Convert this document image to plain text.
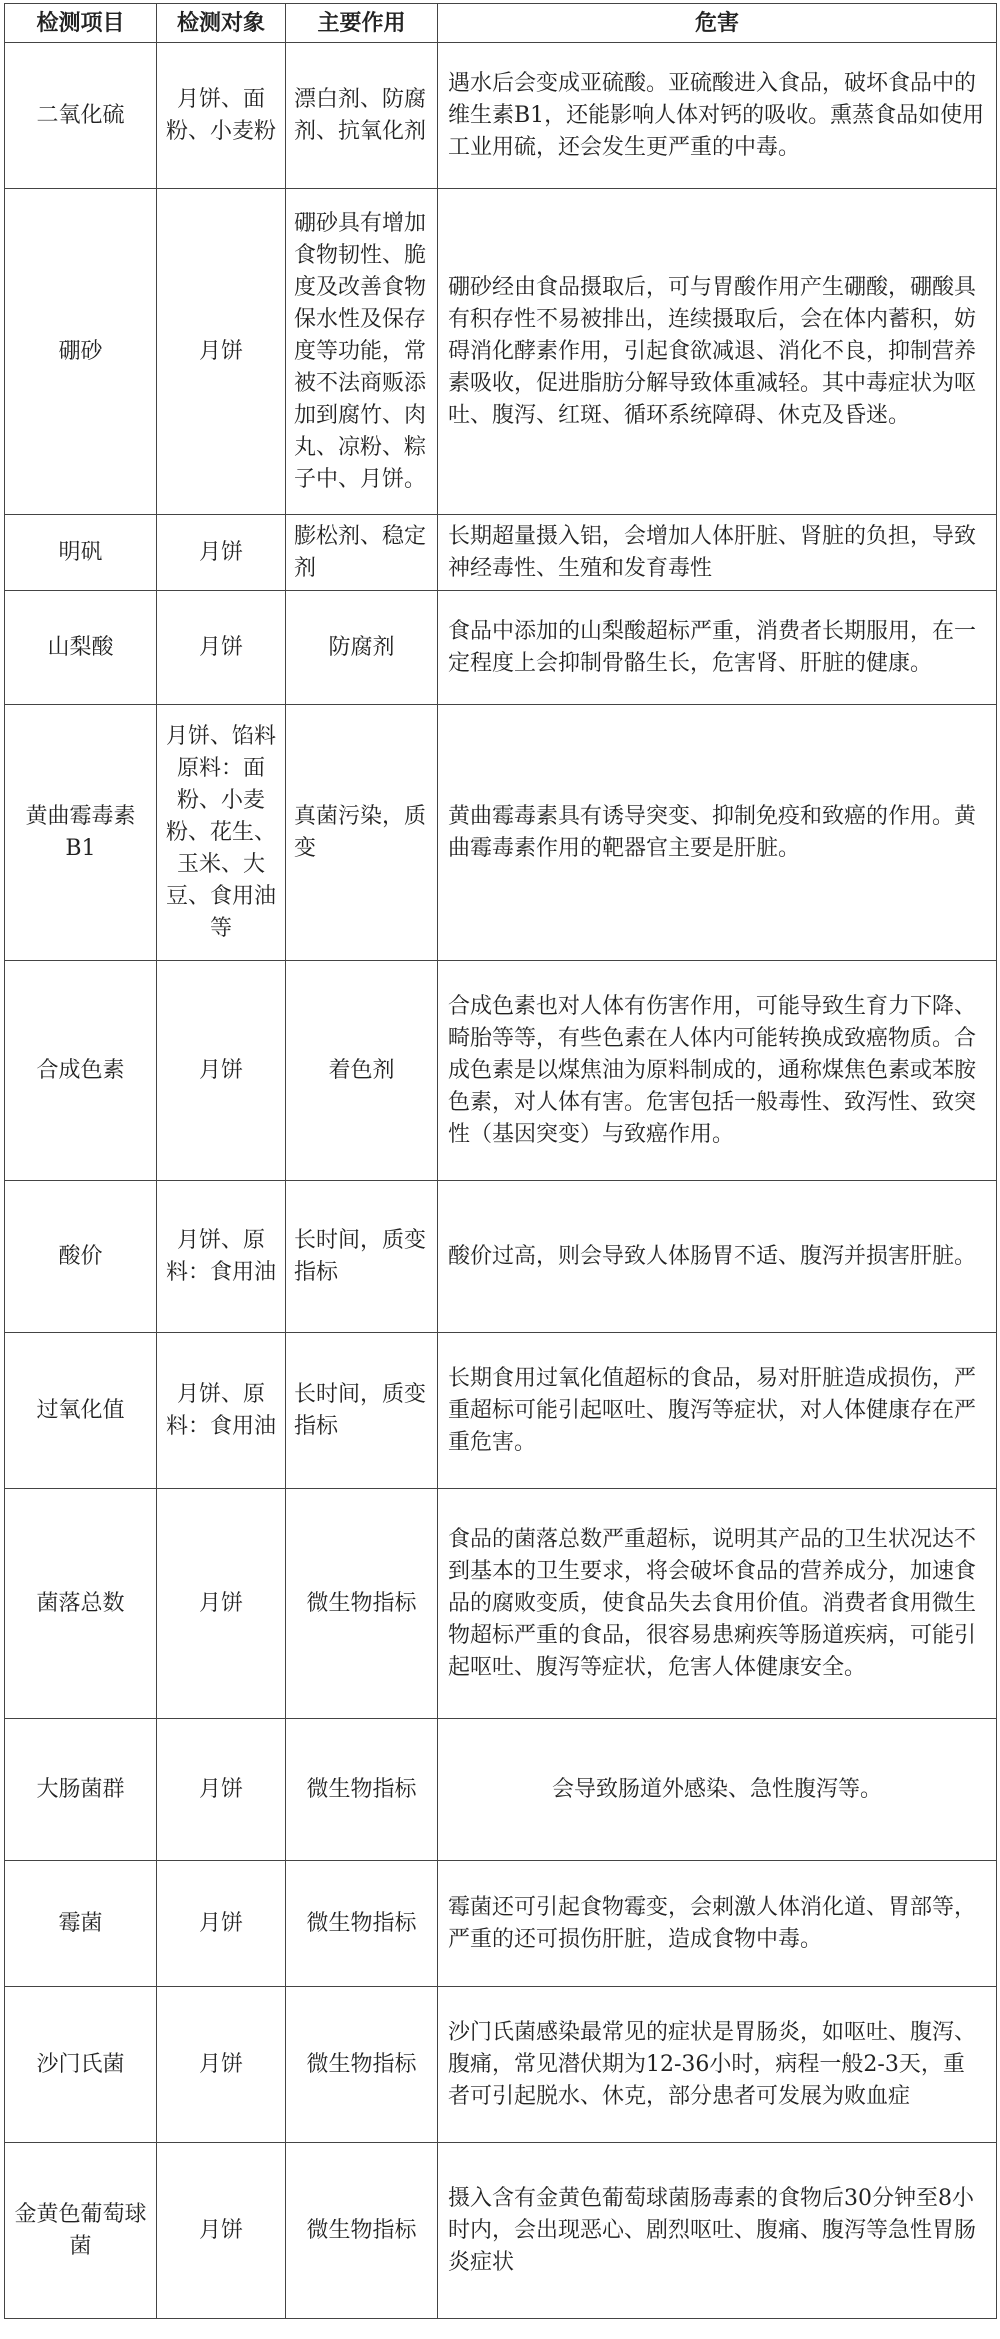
检测项目	检测对象	主要作用	危害
二氧化硫	月饼、面粉、小麦粉	漂白剂、防腐剂、抗氧化剂	遇水后会变成亚硫酸。亚硫酸进入食品，破坏食品中的维生素B1，还能影响人体对钙的吸收。熏蒸食品如使用工业用硫，还会发生更严重的中毒。
硼砂	月饼	硼砂具有增加食物韧性、脆度及改善食物保水性及保存度等功能，常被不法商贩添加到腐竹、肉丸、凉粉、粽子中、月饼。	硼砂经由食品摄取后，可与胃酸作用产生硼酸，硼酸具有积存性不易被排出，连续摄取后，会在体内蓄积，妨碍消化酵素作用，引起食欲减退、消化不良，抑制营养素吸收，促进脂肪分解导致体重减轻。其中毒症状为呕吐、腹泻、红斑、循环系统障碍、休克及昏迷。
明矾	月饼	膨松剂、稳定剂	长期超量摄入铝，会增加人体肝脏、肾脏的负担，导致神经毒性、生殖和发育毒性
山梨酸	月饼	防腐剂	食品中添加的山梨酸超标严重，消费者长期服用，在一定程度上会抑制骨骼生长，危害肾、肝脏的健康。
黄曲霉毒素B1	月饼、馅料原料：面粉、小麦粉、花生、玉米、大豆、食用油等	真菌污染，质变	黄曲霉毒素具有诱导突变、抑制免疫和致癌的作用。黄曲霉毒素作用的靶器官主要是肝脏。
合成色素	月饼	着色剂	合成色素也对人体有伤害作用，可能导致生育力下降、畸胎等等，有些色素在人体内可能转换成致癌物质。合成色素是以煤焦油为原料制成的，通称煤焦色素或苯胺色素，对人体有害。危害包括一般毒性、致泻性、致突性（基因突变）与致癌作用。
酸价	月饼、原料：食用油	长时间，质变指标	酸价过高，则会导致人体肠胃不适、腹泻并损害肝脏。
过氧化值	月饼、原料：食用油	长时间，质变指标	长期食用过氧化值超标的食品，易对肝脏造成损伤，严重超标可能引起呕吐、腹泻等症状，对人体健康存在严重危害。
菌落总数	月饼	微生物指标	食品的菌落总数严重超标，说明其产品的卫生状况达不到基本的卫生要求，将会破坏食品的营养成分，加速食品的腐败变质，使食品失去食用价值。消费者食用微生物超标严重的食品，很容易患痢疾等肠道疾病，可能引起呕吐、腹泻等症状，危害人体健康安全。
大肠菌群	月饼	微生物指标	会导致肠道外感染、急性腹泻等。
霉菌	月饼	微生物指标	霉菌还可引起食物霉变，会刺激人体消化道、胃部等，严重的还可损伤肝脏，造成食物中毒。
沙门氏菌	月饼	微生物指标	沙门氏菌感染最常见的症状是胃肠炎，如呕吐、腹泻、腹痛，常见潜伏期为12-36小时，病程一般2-3天，重者可引起脱水、休克，部分患者可发展为败血症
金黄色葡萄球菌	月饼	微生物指标	摄入含有金黄色葡萄球菌肠毒素的食物后30分钟至8小时内，会出现恶心、剧烈呕吐、腹痛、腹泻等急性胃肠炎症状
